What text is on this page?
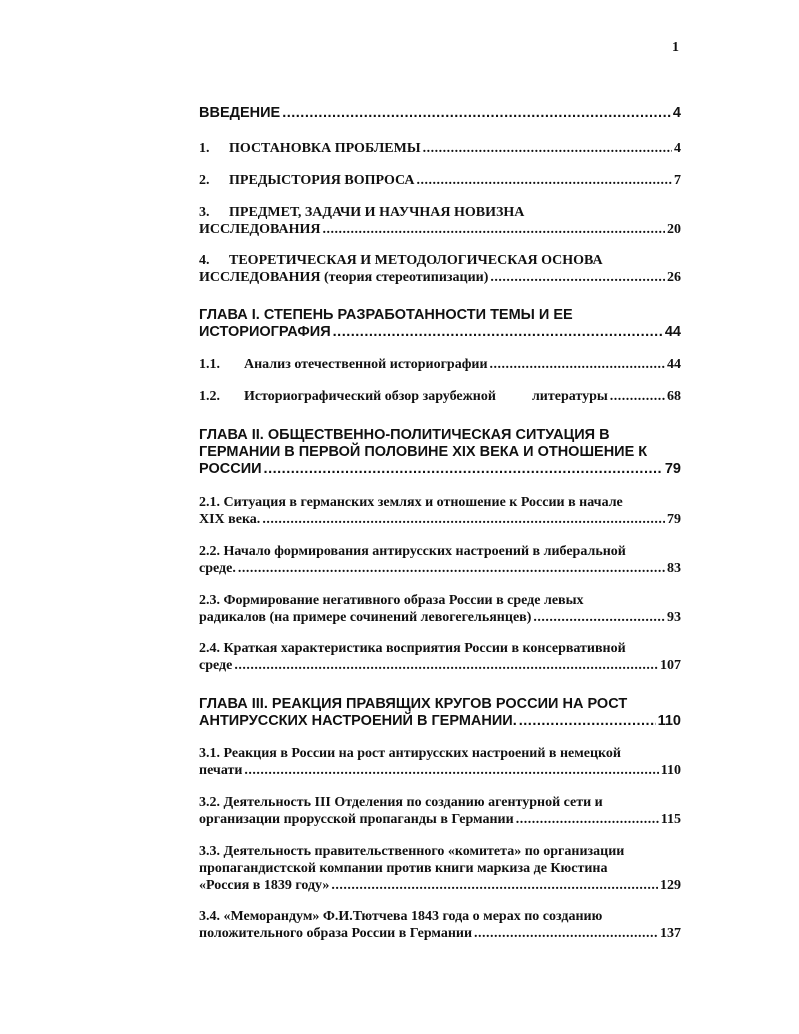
1
ВВЕДЕНИЕ .....	4
1.	ПОСТАНОВКА ПРОБЛЕМЫ .....	4
2.	ПРЕДЫСТОРИЯ ВОПРОСА .....	7
3.	ПРЕДМЕТ, ЗАДАЧИ И НАУЧНАЯ НОВИЗНА
ИССЛЕДОВАНИЯ .....	20
4.	ТЕОРЕТИЧЕСКАЯ И МЕТОДОЛОГИЧЕСКАЯ ОСНОВА
ИССЛЕДОВАНИЯ (теория стереотипизации) .....	26
ГЛАВА I. СТЕПЕНЬ РАЗРАБОТАННОСТИ ТЕМЫ И ЕЕ
ИСТОРИОГРАФИЯ .....	44
1.1.	Анализ отечественной историографии .....	44
1.2.	Историографический обзор зарубежной	литературы .....	68
ГЛАВА II. ОБЩЕСТВЕННО-ПОЛИТИЧЕСКАЯ СИТУАЦИЯ В
ГЕРМАНИИ В ПЕРВОЙ ПОЛОВИНЕ XIX ВЕКА И ОТНОШЕНИЕ К
РОССИИ .....	79
2.1. Ситуация в германских землях и отношение к России в начале
XIX века. .....	79
2.2. Начало формирования антирусских настроений в либеральной
среде. .....	83
2.3. Формирование негативного образа России в среде левых
радикалов (на примере сочинений левогегельянцев) .....	93
2.4. Краткая характеристика восприятия России в консервативной
среде .....	107
ГЛАВА III. РЕАКЦИЯ ПРАВЯЩИХ КРУГОВ РОССИИ НА РОСТ
АНТИРУССКИХ НАСТРОЕНИЙ В ГЕРМАНИИ. .....	110
3.1. Реакция в России на рост антирусских настроений в немецкой
печати .....	110
3.2. Деятельность III Отделения по созданию агентурной сети и
организации прорусской пропаганды в Германии .....	115
3.3. Деятельность правительственного «комитета» по организации
пропагандистской компании против книги маркиза де Кюстина
«Россия в 1839 году» .....	129
3.4. «Меморандум» Ф.И.Тютчева 1843 года о мерах по созданию
положительного образа России в Германии .....	137
